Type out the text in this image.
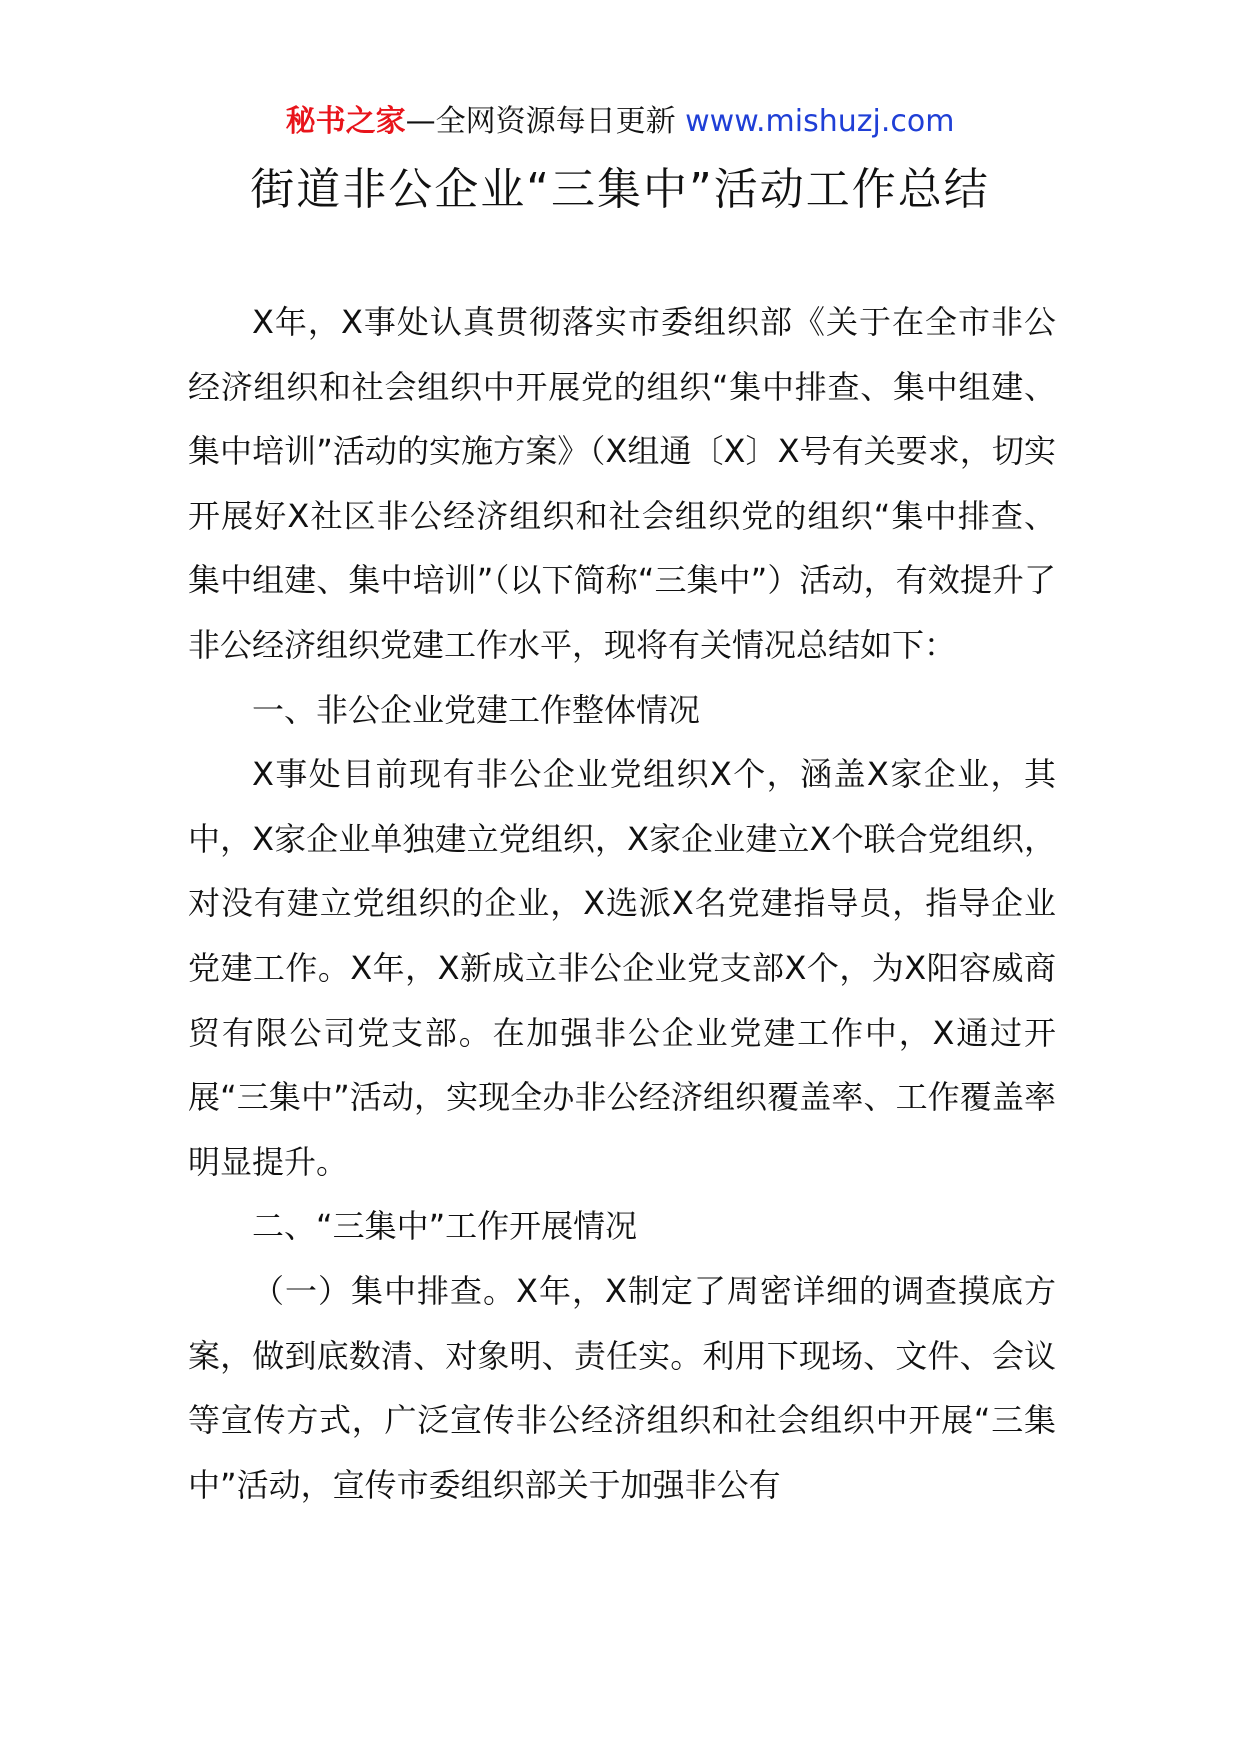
秘书之家—全网资源每日更新 www.mishuzj.com
街道非公企业“三集中”活动工作总结

X年，X事处认真贯彻落实市委组织部《关于在全市非公经济组织和社会组织中开展党的组织“集中排查、集中组建、集中培训”活动的实施方案》（X组通〔X〕X号有关要求，切实开展好X社区非公经济组织和社会组织党的组织“集中排查、集中组建、集中培训”（以下简称“三集中”）活动，有效提升了非公经济组织党建工作水平，现将有关情况总结如下：

一、非公企业党建工作整体情况

X事处目前现有非公企业党组织X个，涵盖X家企业，其中，X家企业单独建立党组织，X家企业建立X个联合党组织，对没有建立党组织的企业，X选派X名党建指导员，指导企业党建工作。X年，X新成立非公企业党支部X个，为X阳容威商贸有限公司党支部。在加强非公企业党建工作中，X通过开展“三集中”活动，实现全办非公经济组织覆盖率、工作覆盖率明显提升。

二、“三集中”工作开展情况

（一）集中排查。X年，X制定了周密详细的调查摸底方案，做到底数清、对象明、责任实。利用下现场、文件、会议等宣传方式，广泛宣传非公经济组织和社会组织中开展“三集中”活动，宣传市委组织部关于加强非公有
